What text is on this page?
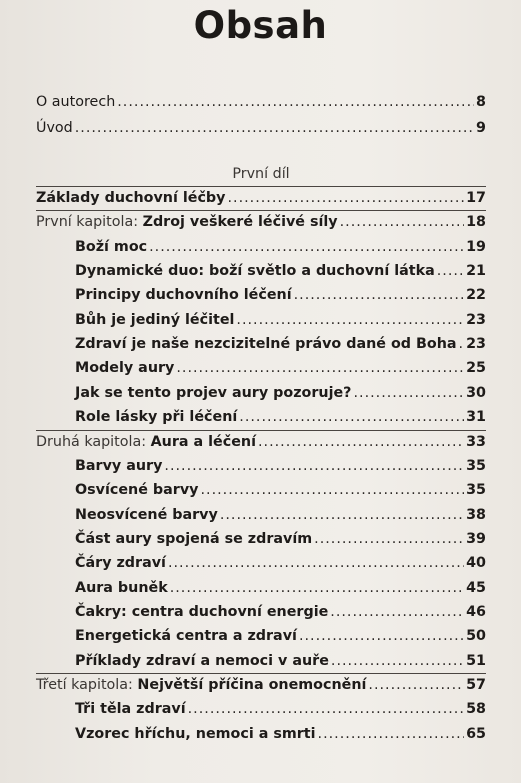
Obsah
O autorech .....	8
Úvod .....	9
První díl
Základy duchovní léčby .....	17
První kapitola: Zdroj veškeré léčivé síly .....	18
Boží moc .....	19
Dynamické duo: boží světlo a duchovní látka ..... 21
Principy duchovního léčení .....	22
Bůh je jediný léčitel .....	23
Zdraví je naše nezcizitelné právo dané od Boha ..... 23
Modely aury .....	25
Jak se tento projev aury pozoruje? .....	30
Role lásky při léčení .....	31
Druhá kapitola: Aura a léčení .....	33
Barvy aury .....	35
Osvícené barvy .....	35
Neosvícené barvy .....	38
Část aury spojená se zdravím .....	39
Čáry zdraví .....	40
Aura buněk .....	45
Čakry: centra duchovní energie .....	46
Energetická centra a zdraví .....	50
Příklady zdraví a nemoci v auře .....	51
Třetí kapitola: Největší příčina onemocnění .....	57
Tři těla zdraví .....	58
Vzorec hříchu, nemoci a smrti .....	65
